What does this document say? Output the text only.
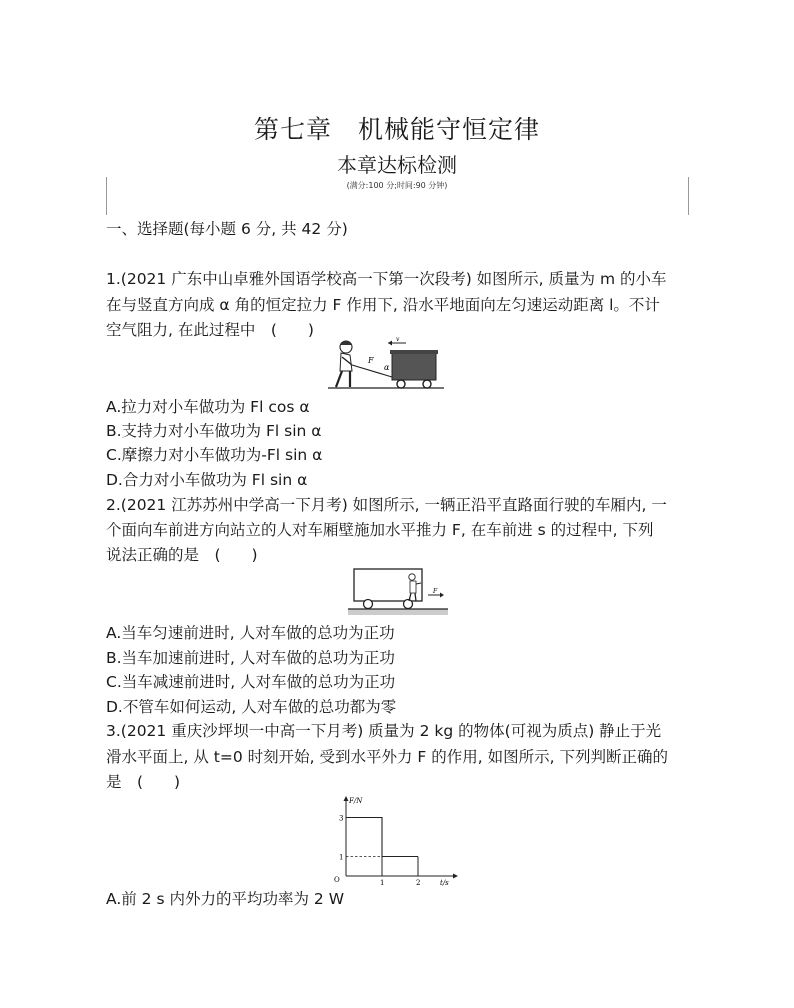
第七章　机械能守恒定律
本章达标检测
(满分:100 分;时间:90 分钟)
一、选择题(每小题 6 分, 共 42 分)
1.(2021 广东中山卓雅外国语学校高一下第一次段考) 如图所示, 质量为 m 的小车
在与竖直方向成 α 角的恒定拉力 F 作用下, 沿水平地面向左匀速运动距离 l。不计
空气阻力, 在此过程中　(　　)
v
F
α
A.拉力对小车做功为 Fl cos α
B.支持力对小车做功为 Fl sin α
C.摩擦力对小车做功为-Fl sin α
D.合力对小车做功为 Fl sin α
2.(2021 江苏苏州中学高一下月考) 如图所示, 一辆正沿平直路面行驶的车厢内, 一
个面向车前进方向站立的人对车厢壁施加水平推力 F, 在车前进 s 的过程中, 下列
说法正确的是　(　　)
F
A.当车匀速前进时, 人对车做的总功为正功
B.当车加速前进时, 人对车做的总功为正功
C.当车减速前进时, 人对车做的总功为正功
D.不管车如何运动, 人对车做的总功都为零
3.(2021 重庆沙坪坝一中高一下月考) 质量为 2 kg 的物体(可视为质点) 静止于光
滑水平面上, 从 t=0 时刻开始, 受到水平外力 F 的作用, 如图所示, 下列判断正确的
是　(　　)
F/N
t/s
O	1	2
1
3
A.前 2 s 内外力的平均功率为 2 W
